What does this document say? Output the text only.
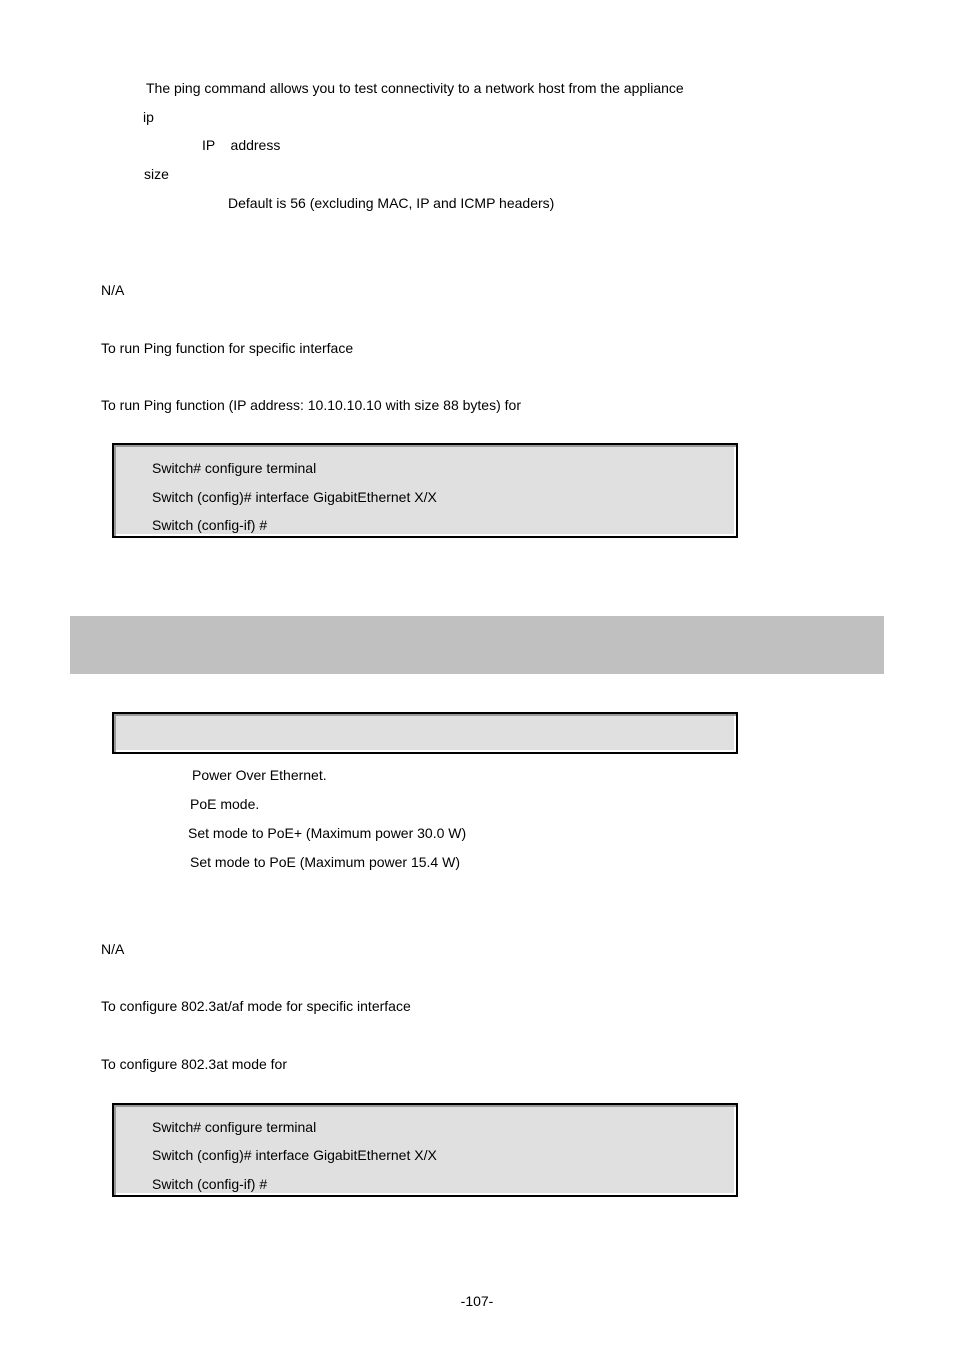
The ping command allows you to test connectivity to a network host from the appliance
ip
IP    address
size
Default is 56 (excluding MAC, IP and ICMP headers)
N/A
To run Ping function for specific interface
To run Ping function (IP address: 10.10.10.10 with size 88 bytes) for
Switch# configure terminal
Switch (config)# interface GigabitEthernet X/X
Switch (config-if) #
Power Over Ethernet.
PoE mode.
Set mode to PoE+ (Maximum power 30.0 W)
Set mode to PoE (Maximum power 15.4 W)
N/A
To configure 802.3at/af mode for specific interface
To configure 802.3at mode for
Switch# configure terminal
Switch (config)# interface GigabitEthernet X/X
Switch (config-if) #
-107-
